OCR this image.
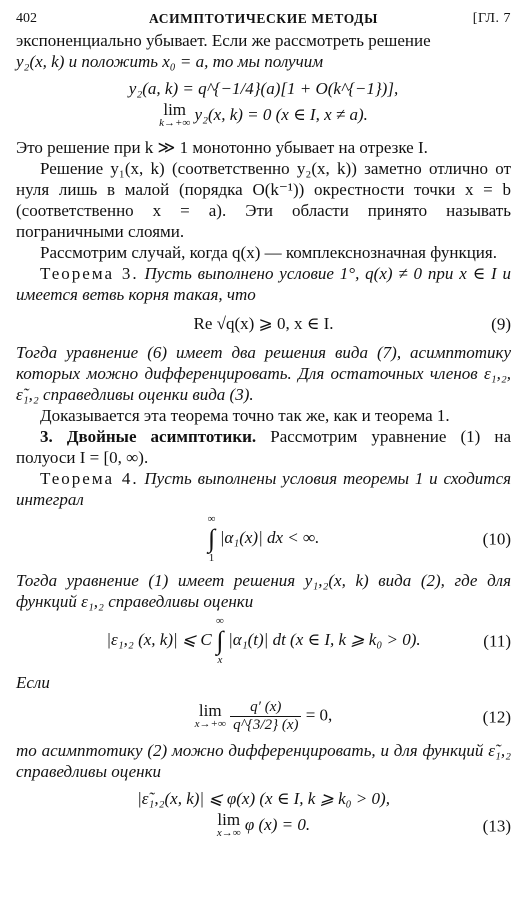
402	АСИМПТОТИЧЕСКИЕ МЕТОДЫ	[ГЛ. 7

экспоненциально убывает. Если же рассмотреть решение

y₂(x, k) и положить x₀ = a, то мы получим

y₂(a, k) = q^{−1/4}(a)[1 + O(k^{−1})],
lim
k→+∞ y₂(x, k) = 0 (x ∈ I, x ≠ a).

Это решение при k ≫ 1 монотонно убывает на отрезке I.

Решение y₁(x, k) (соответственно y₂(x, k)) заметно отлично от нуля лишь в малой (порядка O(k⁻¹)) окрестности точки x = b (соответственно x = a). Эти области принято называть пограничными слоями.

Рассмотрим случай, когда q(x) — комплекснозначная функция.

Теорема 3. Пусть выполнено условие 1°, q(x) ≠ 0 при x ∈ I и имеется ветвь корня такая, что

Re √q(x) ⩾ 0, x ∈ I.	(9)

Тогда уравнение (6) имеет два решения вида (7), асимптотику которых можно дифференцировать. Для остаточных членов ε₁,₂, ε̃₁,₂ справедливы оценки вида (3).

Доказывается эта теорема точно так же, как и теорема 1.

3. Двойные асимптотики. Рассмотрим уравнение (1) на полуоси I = [0, ∞).

Теорема 4. Пусть выполнены условия теоремы 1 и сходится интеграл

∞
∫
1
|α₁(x)| dx < ∞.	(10)

Тогда уравнение (1) имеет решения y₁,₂(x, k) вида (2), где для функций ε₁,₂ справедливы оценки

|ε₁,₂ (x, k)| ⩽ C
∞
∫
x
|α₁(t)| dt (x ∈ I, k ⩾ k₀ > 0).	(11)

Если

lim
x→+∞
$\frac{q' (x)}{q\^{}\{3/2\} (x)} = 0$,	(12)

то асимптотику (2) можно дифференцировать, и для функций ε̃₁,₂ справедливы оценки

|ε̃₁,₂(x, k)| ⩽ φ(x) (x ∈ I, k ⩾ k₀ > 0),
lim
x→∞ φ (x) = 0.	(13)
